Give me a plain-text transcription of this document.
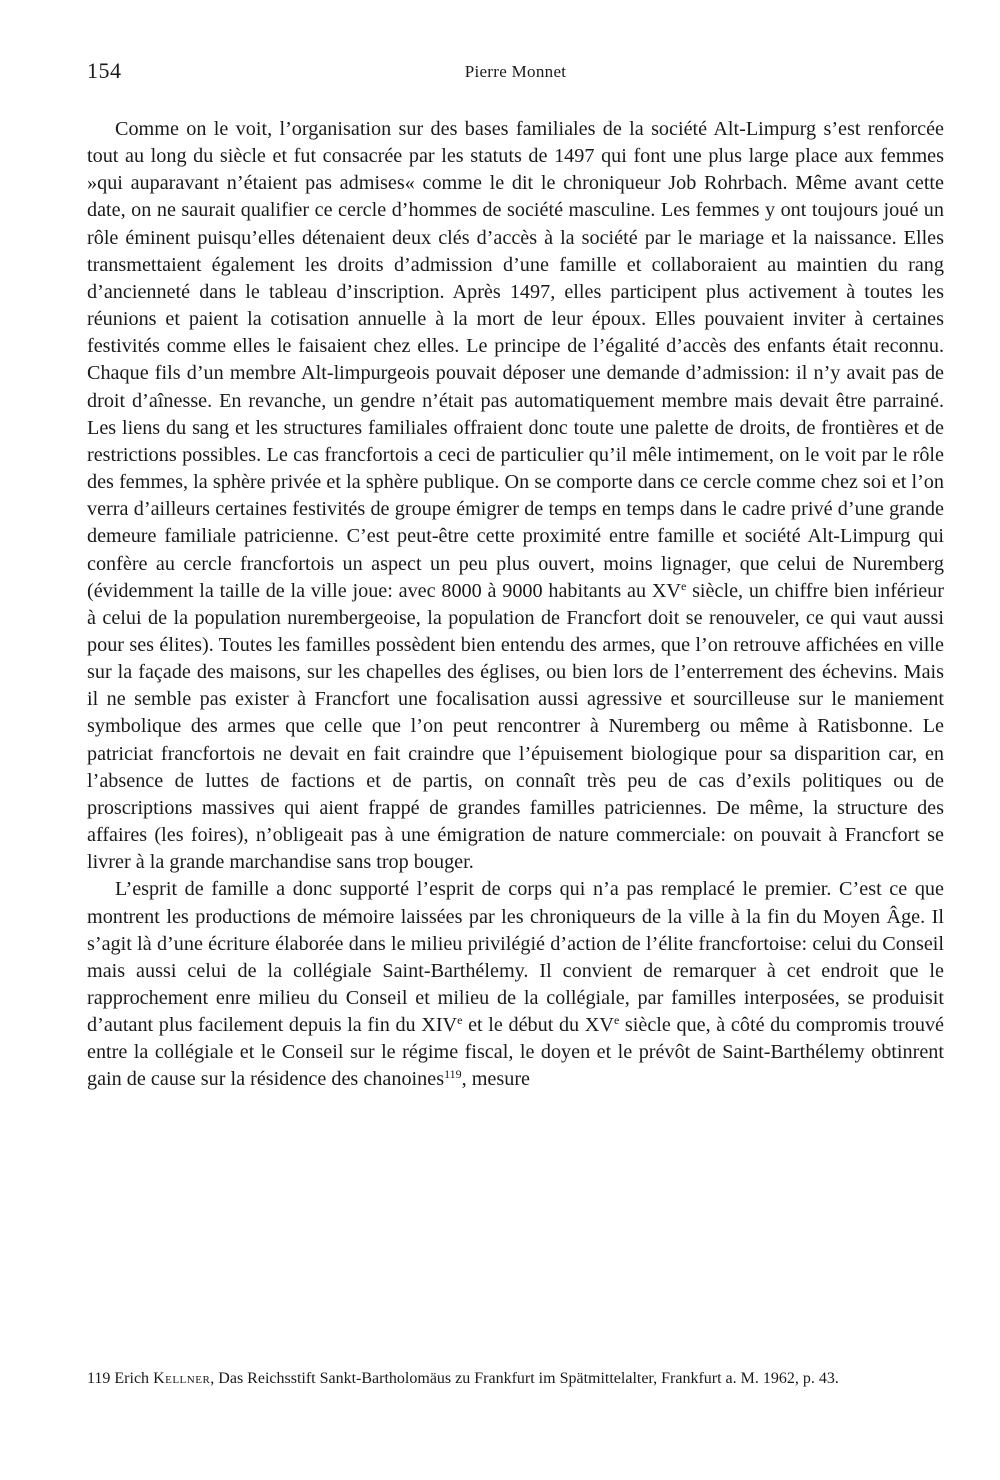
154	Pierre Monnet

Comme on le voit, l’organisation sur des bases familiales de la société Alt-Limpurg s’est renforcée tout au long du siècle et fut consacrée par les statuts de 1497 qui font une plus large place aux femmes »qui auparavant n’étaient pas admises« comme le dit le chroniqueur Job Rohrbach. Même avant cette date, on ne saurait qualifier ce cercle d’hommes de société masculine. Les femmes y ont toujours joué un rôle éminent puisqu’elles détenaient deux clés d’accès à la société par le mariage et la naissance. Elles transmettaient également les droits d’admission d’une famille et collaboraient au maintien du rang d’ancienneté dans le tableau d’inscription. Après 1497, elles participent plus activement à toutes les réunions et paient la cotisation annuelle à la mort de leur époux. Elles pouvaient inviter à certaines festivités comme elles le faisaient chez elles. Le principe de l’égalité d’accès des enfants était reconnu. Chaque fils d’un membre Alt-limpurgeois pouvait déposer une demande d’admission: il n’y avait pas de droit d’aînesse. En revanche, un gendre n’était pas automatiquement membre mais devait être parrainé. Les liens du sang et les structures familiales offraient donc toute une palette de droits, de frontières et de restrictions possibles. Le cas francfortois a ceci de particulier qu’il mêle intimement, on le voit par le rôle des femmes, la sphère privée et la sphère publique. On se comporte dans ce cercle comme chez soi et l’on verra d’ailleurs certaines festivités de groupe émigrer de temps en temps dans le cadre privé d’une grande demeure familiale patricienne. C’est peut-être cette proximité entre famille et société Alt-Limpurg qui confère au cercle francfortois un aspect un peu plus ouvert, moins lignager, que celui de Nuremberg (évidemment la taille de la ville joue: avec 8000 à 9000 habitants au XVe siècle, un chiffre bien inférieur à celui de la population nurembergeoise, la population de Francfort doit se renouveler, ce qui vaut aussi pour ses élites). Toutes les familles possèdent bien entendu des armes, que l’on retrouve affichées en ville sur la façade des maisons, sur les chapelles des églises, ou bien lors de l’enterrement des échevins. Mais il ne semble pas exister à Francfort une focalisation aussi agressive et sourcilleuse sur le maniement symbolique des armes que celle que l’on peut rencontrer à Nuremberg ou même à Ratisbonne. Le patriciat francfortois ne devait en fait craindre que l’épuisement biologique pour sa disparition car, en l’absence de luttes de factions et de partis, on connaît très peu de cas d’exils politiques ou de proscriptions massives qui aient frappé de grandes familles patriciennes. De même, la structure des affaires (les foires), n’obligeait pas à une émigration de nature commerciale: on pouvait à Francfort se livrer à la grande marchandise sans trop bouger.

L’esprit de famille a donc supporté l’esprit de corps qui n’a pas remplacé le premier. C’est ce que montrent les productions de mémoire laissées par les chroniqueurs de la ville à la fin du Moyen Âge. Il s’agit là d’une écriture élaborée dans le milieu privilégié d’action de l’élite francfortoise: celui du Conseil mais aussi celui de la collégiale Saint-Barthélemy. Il convient de remarquer à cet endroit que le rapprochement enre milieu du Conseil et milieu de la collégiale, par familles interposées, se produisit d’autant plus facilement depuis la fin du XIVe et le début du XVe siècle que, à côté du compromis trouvé entre la collégiale et le Conseil sur le régime fiscal, le doyen et le prévôt de Saint-Barthélemy obtinrent gain de cause sur la résidence des chanoines$^{119}$, mesure

119 Erich Kellner, Das Reichsstift Sankt-Bartholomäus zu Frankfurt im Spätmittelalter, Frankfurt a. M. 1962, p. 43.
